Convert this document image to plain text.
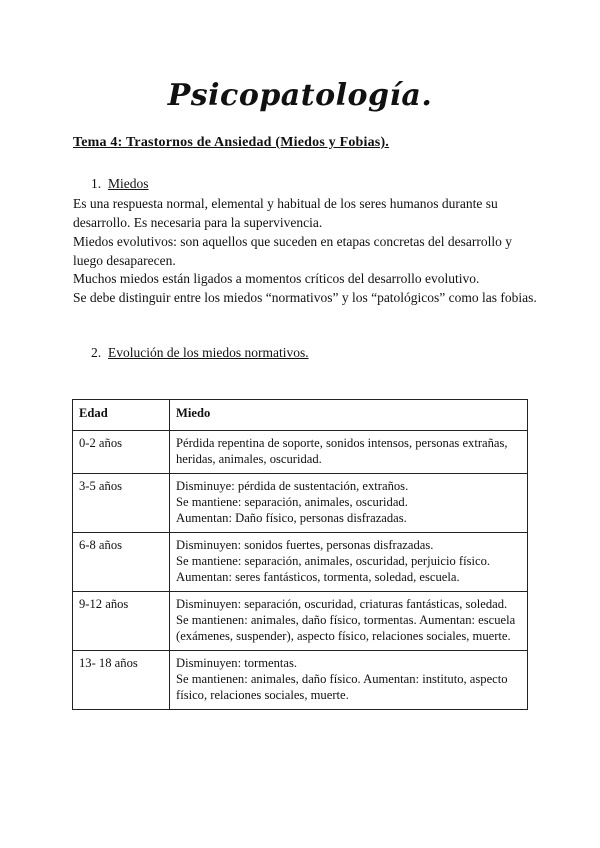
Psicopatología.
Tema 4: Trastornos de Ansiedad (Miedos y Fobias).
1. Miedos

Es una respuesta normal, elemental y habitual de los seres humanos durante su desarrollo. Es necesaria para la supervivencia.

Miedos evolutivos: son aquellos que suceden en etapas concretas del desarrollo y luego desaparecen.

Muchos miedos están ligados a momentos críticos del desarrollo evolutivo.

Se debe distinguir entre los miedos “normativos” y los “patológicos” como las fobias.

2. Evolución de los miedos normativos.
Edad	Miedo
0-2 años	Pérdida repentina de soporte, sonidos intensos, personas extrañas, heridas, animales, oscuridad.

3-5 años	Disminuye: pérdida de sustentación, extraños.
Se mantiene: separación, animales, oscuridad.
Aumentan: Daño físico, personas disfrazadas.

6-8 años	Disminuyen: sonidos fuertes, personas disfrazadas.
Se mantiene: separación, animales, oscuridad, perjuicio físico. Aumentan: seres fantásticos, tormenta, soledad, escuela.

9-12 años	Disminuyen: separación, oscuridad, criaturas fantásticas, soledad.
Se mantienen: animales, daño físico, tormentas. Aumentan: escuela (exámenes, suspender), aspecto físico, relaciones sociales, muerte.

13- 18 años	Disminuyen: tormentas.
Se mantienen: animales, daño físico. Aumentan: instituto, aspecto físico, relaciones sociales, muerte.
